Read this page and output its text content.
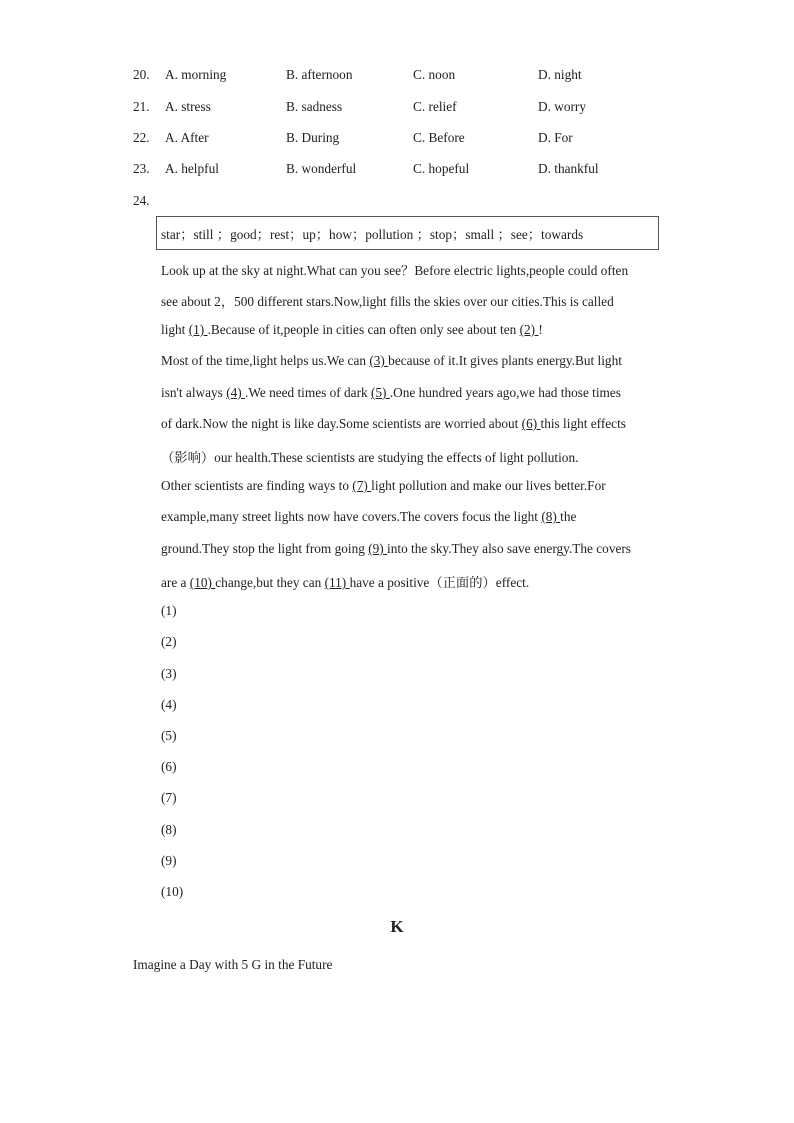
20. A. morning	B. afternoon	C. noon	D. night
21. A. stress	B. sadness	C. relief	D. worry
22. A. After	B. During	C. Before	D. For
23. A. helpful	B. wonderful	C. hopeful	D. thankful
24.
star；still ；good；rest；up；how；pollution ；stop；small ；see；towards
Look up at the sky at night.What can you see？Before electric lights,people could often
see about 2，500 different stars.Now,light fills the skies over our cities.This is called
light (1) .Because of it,people in cities can often only see about ten (2) !
Most of the time,light helps us.We can (3) because of it.It gives plants energy.But light
isn't always (4) .We need times of dark (5) .One hundred years ago,we had those times
of dark.Now the night is like day.Some scientists are worried about (6) this light effects
（影响）our health.These scientists are studying the effects of light pollution.
Other scientists are finding ways to (7) light pollution and make our lives better.For
example,many street lights now have covers.The covers focus the light (8) the
ground.They stop the light from going (9) into the sky.They also save energy.The covers
are a (10) change,but they can (11) have a positive（正面的）effect.
(1)
(2)
(3)
(4)
(5)
(6)
(7)
(8)
(9)
(10)
K
Imagine a Day with 5 G in the Future
